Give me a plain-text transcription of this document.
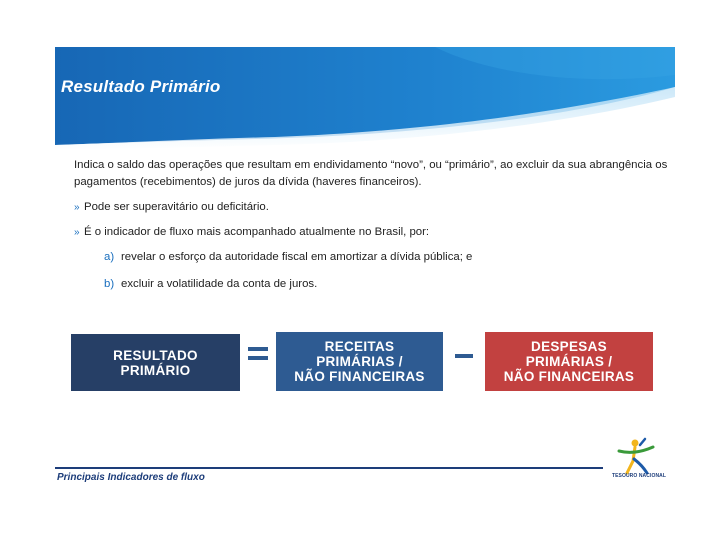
Resultado Primário

Indica o saldo das operações que resultam em endividamento “novo”, ou “primário”, ao excluir da sua abrangência os pagamentos (recebimentos) de juros da dívida (haveres financeiros).

» Pode ser superavitário ou deficitário.
» É o indicador de fluxo mais acompanhado atualmente no Brasil, por:
a) revelar o esforço da autoridade fiscal em amortizar a dívida pública; e
b) excluir a volatilidade da conta de juros.
RESULTADO
PRIMÁRIO
RECEITAS
PRIMÁRIAS /
NÃO FINANCEIRAS
DESPESAS
PRIMÁRIAS /
NÃO FINANCEIRAS
Principais Indicadores de fluxo	TESOURO NACIONAL
